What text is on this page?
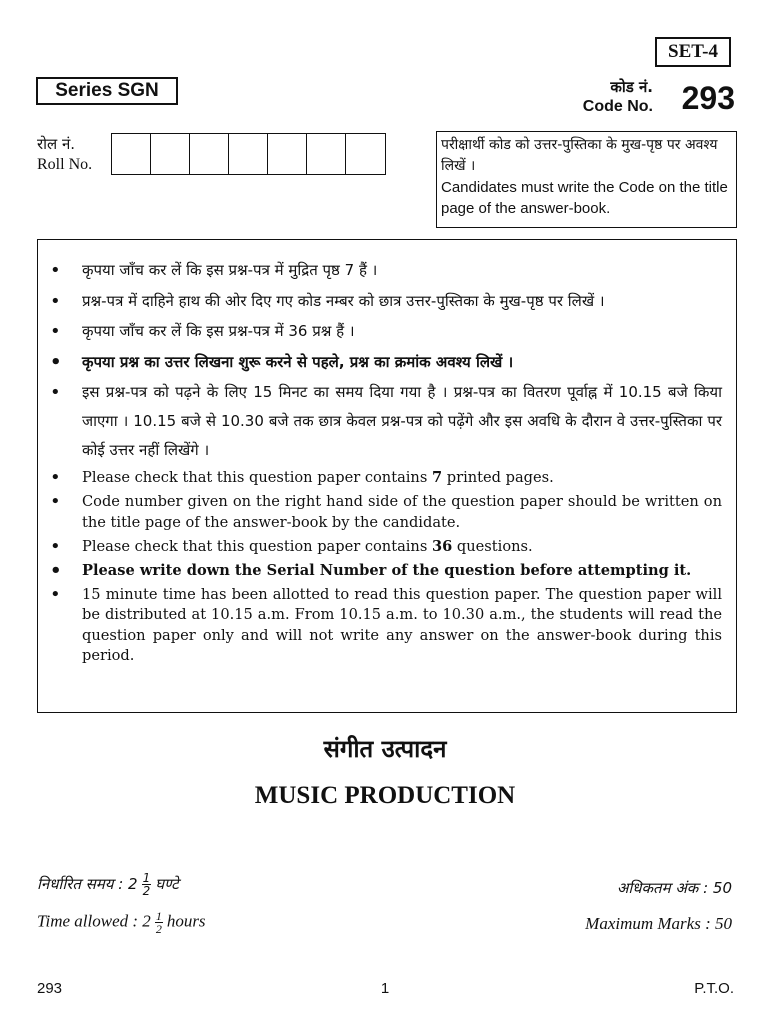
SET-4
Series SGN	कोड नं.
Code No. 293
रोल नं.
Roll No.
परीक्षार्थी कोड को उत्तर-पुस्तिका के मुख-पृष्ठ पर अवश्य लिखें ।
Candidates must write the Code on the title page of the answer-book.
• कृपया जाँच कर लें कि इस प्रश्न-पत्र में मुद्रित पृष्ठ 7 हैं ।
• प्रश्न-पत्र में दाहिने हाथ की ओर दिए गए कोड नम्बर को छात्र उत्तर-पुस्तिका के मुख-पृष्ठ पर लिखें ।
• कृपया जाँच कर लें कि इस प्रश्न-पत्र में 36 प्रश्न हैं ।
• कृपया प्रश्न का उत्तर लिखना शुरू करने से पहले, प्रश्न का क्रमांक अवश्य लिखें ।
• इस प्रश्न-पत्र को पढ़ने के लिए 15 मिनट का समय दिया गया है । प्रश्न-पत्र का वितरण पूर्वाह्न में 10.15 बजे किया जाएगा । 10.15 बजे से 10.30 बजे तक छात्र केवल प्रश्न-पत्र को पढ़ेंगे और इस अवधि के दौरान वे उत्तर-पुस्तिका पर कोई उत्तर नहीं लिखेंगे ।
• Please check that this question paper contains 7 printed pages.
• Code number given on the right hand side of the question paper should be written on the title page of the answer-book by the candidate.
• Please check that this question paper contains 36 questions.
• Please write down the Serial Number of the question before attempting it.
• 15 minute time has been allotted to read this question paper. The question paper will be distributed at 10.15 a.m. From 10.15 a.m. to 10.30 a.m., the students will read the question paper only and will not write any answer on the answer-book during this period.
संगीत उत्पादन
MUSIC PRODUCTION
निर्धारित समय : $2 \frac{1}{2}$ घण्टे
Time allowed : $2 \frac{1}{2}$ hours
अधिकतम अंक : 50
Maximum Marks : 50
293	1	P.T.O.
